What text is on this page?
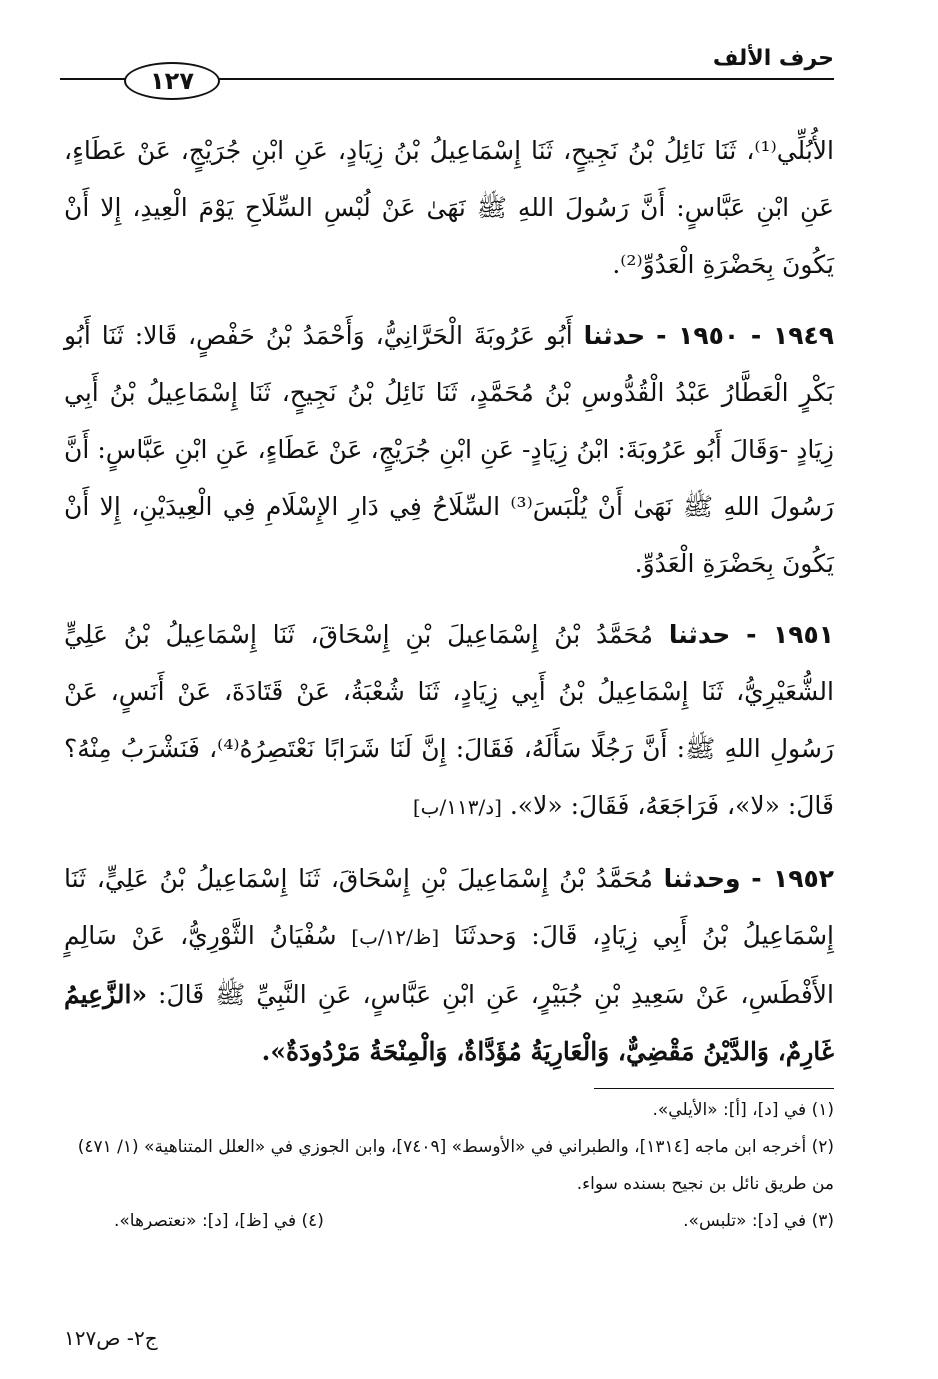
حرف الألف
١٢٧

الأُبُلِّي⁽¹⁾، ثَنَا نَائِلُ بْنُ نَجِيحٍ، ثَنَا إِسْمَاعِيلُ بْنُ زِيَادٍ، عَنِ ابْنِ جُرَيْجٍ، عَنْ عَطَاءٍ، عَنِ ابْنِ عَبَّاسٍ: أَنَّ رَسُولَ اللهِ ﷺ نَهَىٰ عَنْ لُبْسِ السِّلَاحِ يَوْمَ الْعِيدِ، إِلا أَنْ يَكُونَ بِحَضْرَةِ الْعَدُوِّ⁽²⁾.

١٩٤٩ - ١٩٥٠ - حدثنا أَبُو عَرُوبَةَ الْحَرَّانِيُّ، وَأَحْمَدُ بْنُ حَفْصٍ، قَالا: ثَنَا أَبُو بَكْرٍ الْعَطَّارُ عَبْدُ الْقُدُّوسِ بْنُ مُحَمَّدٍ، ثَنَا نَائِلُ بْنُ نَجِيحٍ، ثَنَا إِسْمَاعِيلُ بْنُ أَبِي زِيَادٍ -وَقَالَ أَبُو عَرُوبَةَ: ابْنُ زِيَادٍ- عَنِ ابْنِ جُرَيْجٍ، عَنْ عَطَاءٍ، عَنِ ابْنِ عَبَّاسٍ: أَنَّ رَسُولَ اللهِ ﷺ نَهَىٰ أَنْ يُلْبَسَ⁽³⁾ السِّلَاحُ فِي دَارِ الإِسْلَامِ فِي الْعِيدَيْنِ، إِلا أَنْ يَكُونَ بِحَضْرَةِ الْعَدُوِّ.

١٩٥١ - حدثنا مُحَمَّدُ بْنُ إِسْمَاعِيلَ بْنِ إِسْحَاقَ، ثَنَا إِسْمَاعِيلُ بْنُ عَلِيٍّ الشُّعَيْرِيُّ، ثَنَا إِسْمَاعِيلُ بْنُ أَبِي زِيَادٍ، ثَنَا شُعْبَةُ، عَنْ قَتَادَةَ، عَنْ أَنَسٍ، عَنْ رَسُولِ اللهِ ﷺ: أَنَّ رَجُلًا سَأَلَهُ، فَقَالَ: إِنَّ لَنَا شَرَابًا نَعْتَصِرُهُ⁽⁴⁾، فَنَشْرَبُ مِنْهُ؟ قَالَ: «لا»، فَرَاجَعَهُ، فَقَالَ: «لا». [د/١١٣/ب]

١٩٥٢ - وحدثنا مُحَمَّدُ بْنُ إِسْمَاعِيلَ بْنِ إِسْحَاقَ، ثَنَا إِسْمَاعِيلُ بْنُ عَلِيٍّ، ثَنَا إِسْمَاعِيلُ بْنُ أَبِي زِيَادٍ، قَالَ: وَحدثَنَا [ظ/١٢/ب] سُفْيَانُ الثَّوْرِيُّ، عَنْ سَالِمٍ الأَفْطَسِ، عَنْ سَعِيدِ بْنِ جُبَيْرٍ، عَنِ ابْنِ عَبَّاسٍ، عَنِ النَّبِيِّ ﷺ قَالَ: «الزَّعِيمُ غَارِمٌ، وَالدَّيْنُ مَقْضِيٌّ، وَالْعَارِيَةُ مُؤَدَّاةٌ، وَالْمِنْحَةُ مَرْدُودَةٌ».

(١) في [د]، [أ]: «الأيلي».

(٢) أخرجه ابن ماجه [١٣١٤]، والطبراني في «الأوسط» [٧٤٠٩]، وابن الجوزي في «العلل المتناهية» (١/ ٤٧١) من طريق نائل بن نجيح بسنده سواء.

(٣) في [د]: «تلبس».

(٤) في [ظ]، [د]: «نعتصرها».

ج٢- ص١٢٧
